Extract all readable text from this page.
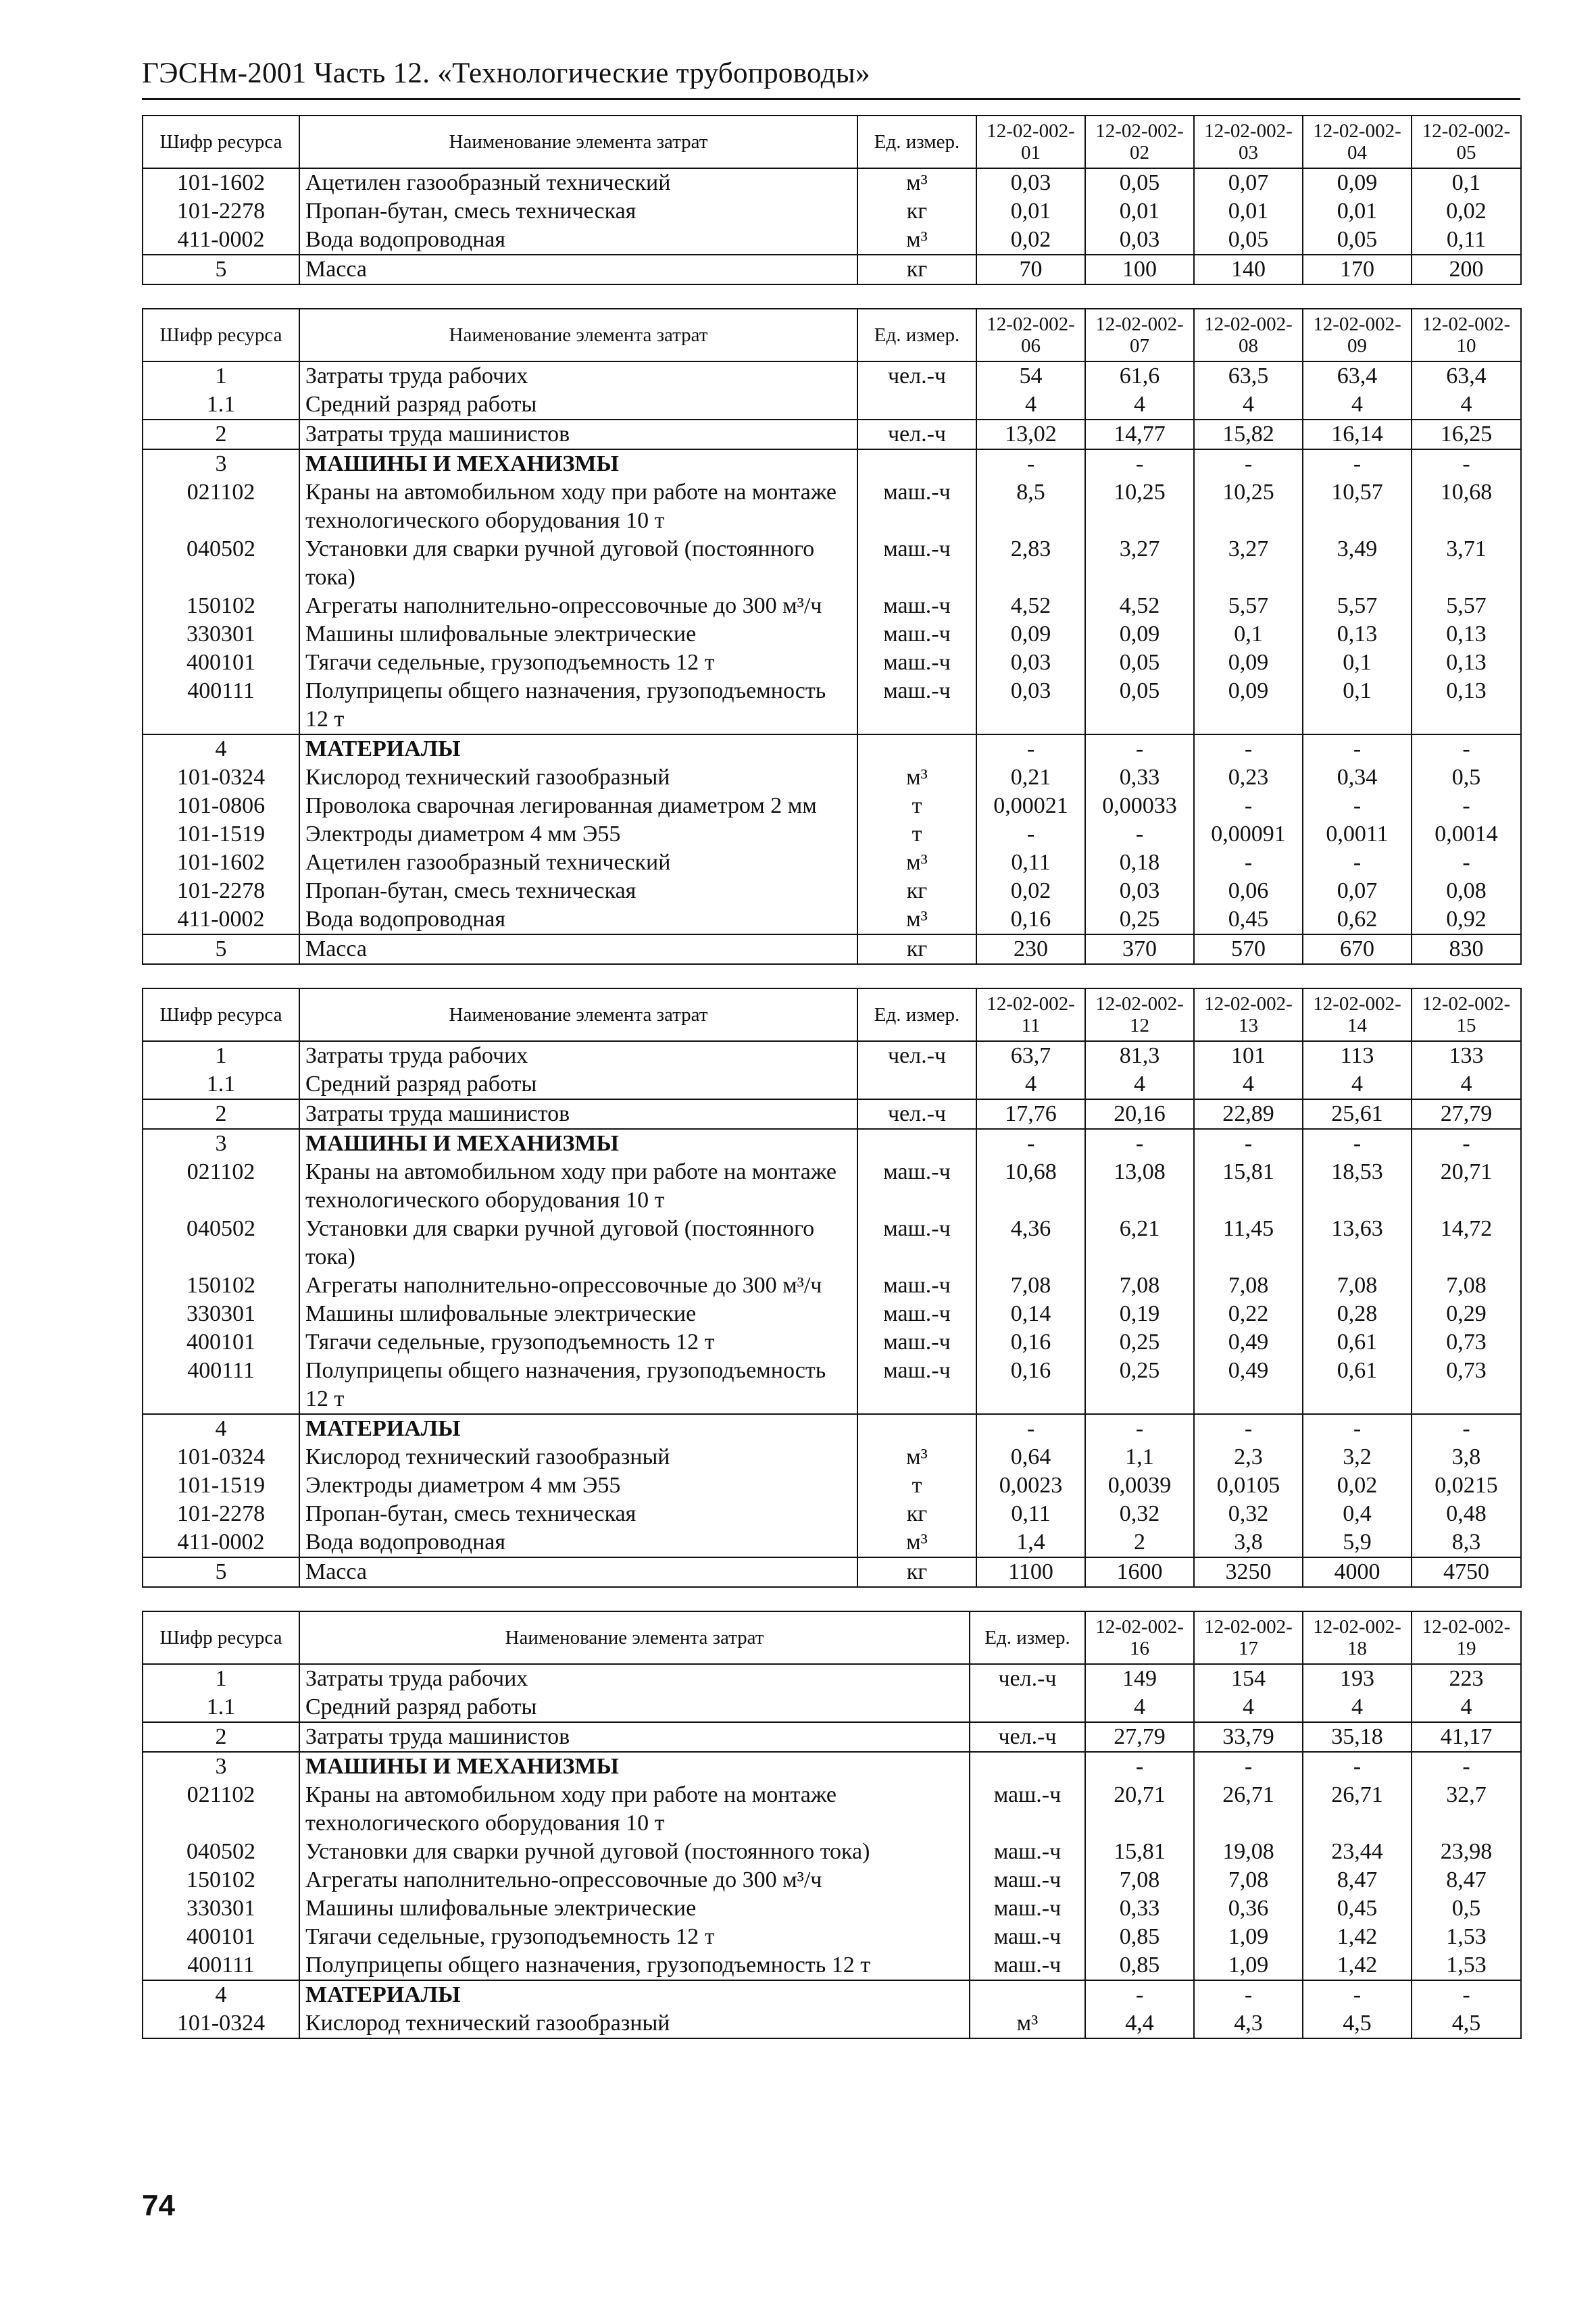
ГЭСНм-2001 Часть 12. «Технологические трубопроводы»
Шифр ресурса	Наименование элемента затрат	Ед. измер.	12-02-002-01	12-02-002-02	12-02-002-03	12-02-002-04	12-02-002-05
101-1602	Ацетилен газообразный технический	м³	0,03	0,05	0,07	0,09	0,1
101-2278	Пропан-бутан, смесь техническая	кг	0,01	0,01	0,01	0,01	0,02
411-0002	Вода водопроводная	м³	0,02	0,03	0,05	0,05	0,11
5	Масса	кг	70	100	140	170	200
Шифр ресурса	Наименование элемента затрат	Ед. измер.	12-02-002-06	12-02-002-07	12-02-002-08	12-02-002-09	12-02-002-10
1	Затраты труда рабочих	чел.-ч	54	61,6	63,5	63,4	63,4
1.1	Средний разряд работы		4	4	4	4	4
2	Затраты труда машинистов	чел.-ч	13,02	14,77	15,82	16,14	16,25
3	МАШИНЫ И МЕХАНИЗМЫ		-	-	-	-	-
021102	Краны на автомобильном ходу при работе на монтаже технологического оборудования 10 т	маш.-ч	8,5	10,25	10,25	10,57	10,68
040502	Установки для сварки ручной дуговой (постоянного тока)	маш.-ч	2,83	3,27	3,27	3,49	3,71
150102	Агрегаты наполнительно-опрессовочные до 300 м³/ч	маш.-ч	4,52	4,52	5,57	5,57	5,57
330301	Машины шлифовальные электрические	маш.-ч	0,09	0,09	0,1	0,13	0,13
400101	Тягачи седельные, грузоподъемность 12 т	маш.-ч	0,03	0,05	0,09	0,1	0,13
400111	Полуприцепы общего назначения, грузоподъемность 12 т	маш.-ч	0,03	0,05	0,09	0,1	0,13
4	МАТЕРИАЛЫ		-	-	-	-	-
101-0324	Кислород технический газообразный	м³	0,21	0,33	0,23	0,34	0,5
101-0806	Проволока сварочная легированная диаметром 2 мм	т	0,00021	0,00033	-	-	-
101-1519	Электроды диаметром 4 мм Э55	т	-	-	0,00091	0,0011	0,0014
101-1602	Ацетилен газообразный технический	м³	0,11	0,18	-	-	-
101-2278	Пропан-бутан, смесь техническая	кг	0,02	0,03	0,06	0,07	0,08
411-0002	Вода водопроводная	м³	0,16	0,25	0,45	0,62	0,92
5	Масса	кг	230	370	570	670	830
Шифр ресурса	Наименование элемента затрат	Ед. измер.	12-02-002-11	12-02-002-12	12-02-002-13	12-02-002-14	12-02-002-15
1	Затраты труда рабочих	чел.-ч	63,7	81,3	101	113	133
1.1	Средний разряд работы		4	4	4	4	4
2	Затраты труда машинистов	чел.-ч	17,76	20,16	22,89	25,61	27,79
3	МАШИНЫ И МЕХАНИЗМЫ		-	-	-	-	-
021102	Краны на автомобильном ходу при работе на монтаже технологического оборудования 10 т	маш.-ч	10,68	13,08	15,81	18,53	20,71
040502	Установки для сварки ручной дуговой (постоянного тока)	маш.-ч	4,36	6,21	11,45	13,63	14,72
150102	Агрегаты наполнительно-опрессовочные до 300 м³/ч	маш.-ч	7,08	7,08	7,08	7,08	7,08
330301	Машины шлифовальные электрические	маш.-ч	0,14	0,19	0,22	0,28	0,29
400101	Тягачи седельные, грузоподъемность 12 т	маш.-ч	0,16	0,25	0,49	0,61	0,73
400111	Полуприцепы общего назначения, грузоподъемность 12 т	маш.-ч	0,16	0,25	0,49	0,61	0,73
4	МАТЕРИАЛЫ		-	-	-	-	-
101-0324	Кислород технический газообразный	м³	0,64	1,1	2,3	3,2	3,8
101-1519	Электроды диаметром 4 мм Э55	т	0,0023	0,0039	0,0105	0,02	0,0215
101-2278	Пропан-бутан, смесь техническая	кг	0,11	0,32	0,32	0,4	0,48
411-0002	Вода водопроводная	м³	1,4	2	3,8	5,9	8,3
5	Масса	кг	1100	1600	3250	4000	4750
Шифр ресурса	Наименование элемента затрат	Ед. измер.	12-02-002-16	12-02-002-17	12-02-002-18	12-02-002-19
1	Затраты труда рабочих	чел.-ч	149	154	193	223
1.1	Средний разряд работы		4	4	4	4
2	Затраты труда машинистов	чел.-ч	27,79	33,79	35,18	41,17
3	МАШИНЫ И МЕХАНИЗМЫ		-	-	-	-
021102	Краны на автомобильном ходу при работе на монтаже технологического оборудования 10 т	маш.-ч	20,71	26,71	26,71	32,7
040502	Установки для сварки ручной дуговой (постоянного тока)	маш.-ч	15,81	19,08	23,44	23,98
150102	Агрегаты наполнительно-опрессовочные до 300 м³/ч	маш.-ч	7,08	7,08	8,47	8,47
330301	Машины шлифовальные электрические	маш.-ч	0,33	0,36	0,45	0,5
400101	Тягачи седельные, грузоподъемность 12 т	маш.-ч	0,85	1,09	1,42	1,53
400111	Полуприцепы общего назначения, грузоподъемность 12 т	маш.-ч	0,85	1,09	1,42	1,53
4	МАТЕРИАЛЫ		-	-	-	-
101-0324	Кислород технический газообразный	м³	4,4	4,3	4,5	4,5
74
